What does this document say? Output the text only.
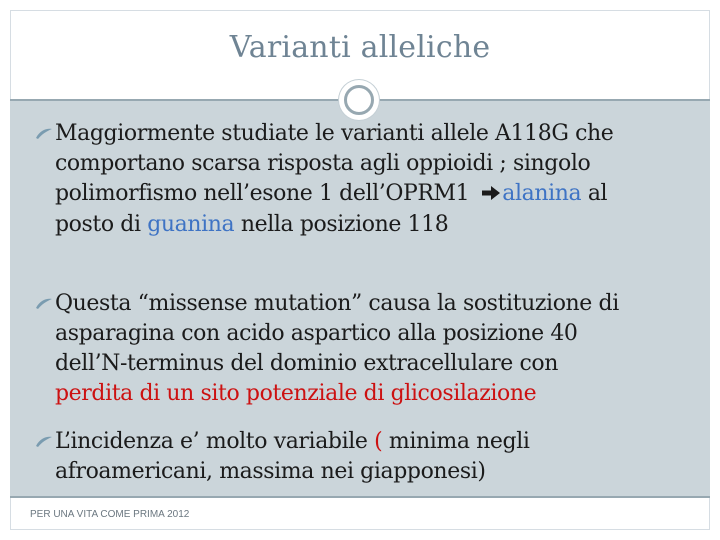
Varianti alleliche
Maggiormente studiate le varianti allele A118G che
comportano scarsa risposta agli oppioidi ; singolo
polimorfismo nell’esone 1 dell’OPRM1 alanina al
posto di guanina nella posizione 118
Questa “missense mutation” causa la sostituzione di
asparagina con acido aspartico alla posizione 40
dell’N-terminus del dominio extracellulare con
perdita di un sito potenziale di glicosilazione
L’incidenza e’ molto variabile ( minima negli
afroamericani, massima nei giapponesi)
PER UNA VITA COME PRIMA 2012
